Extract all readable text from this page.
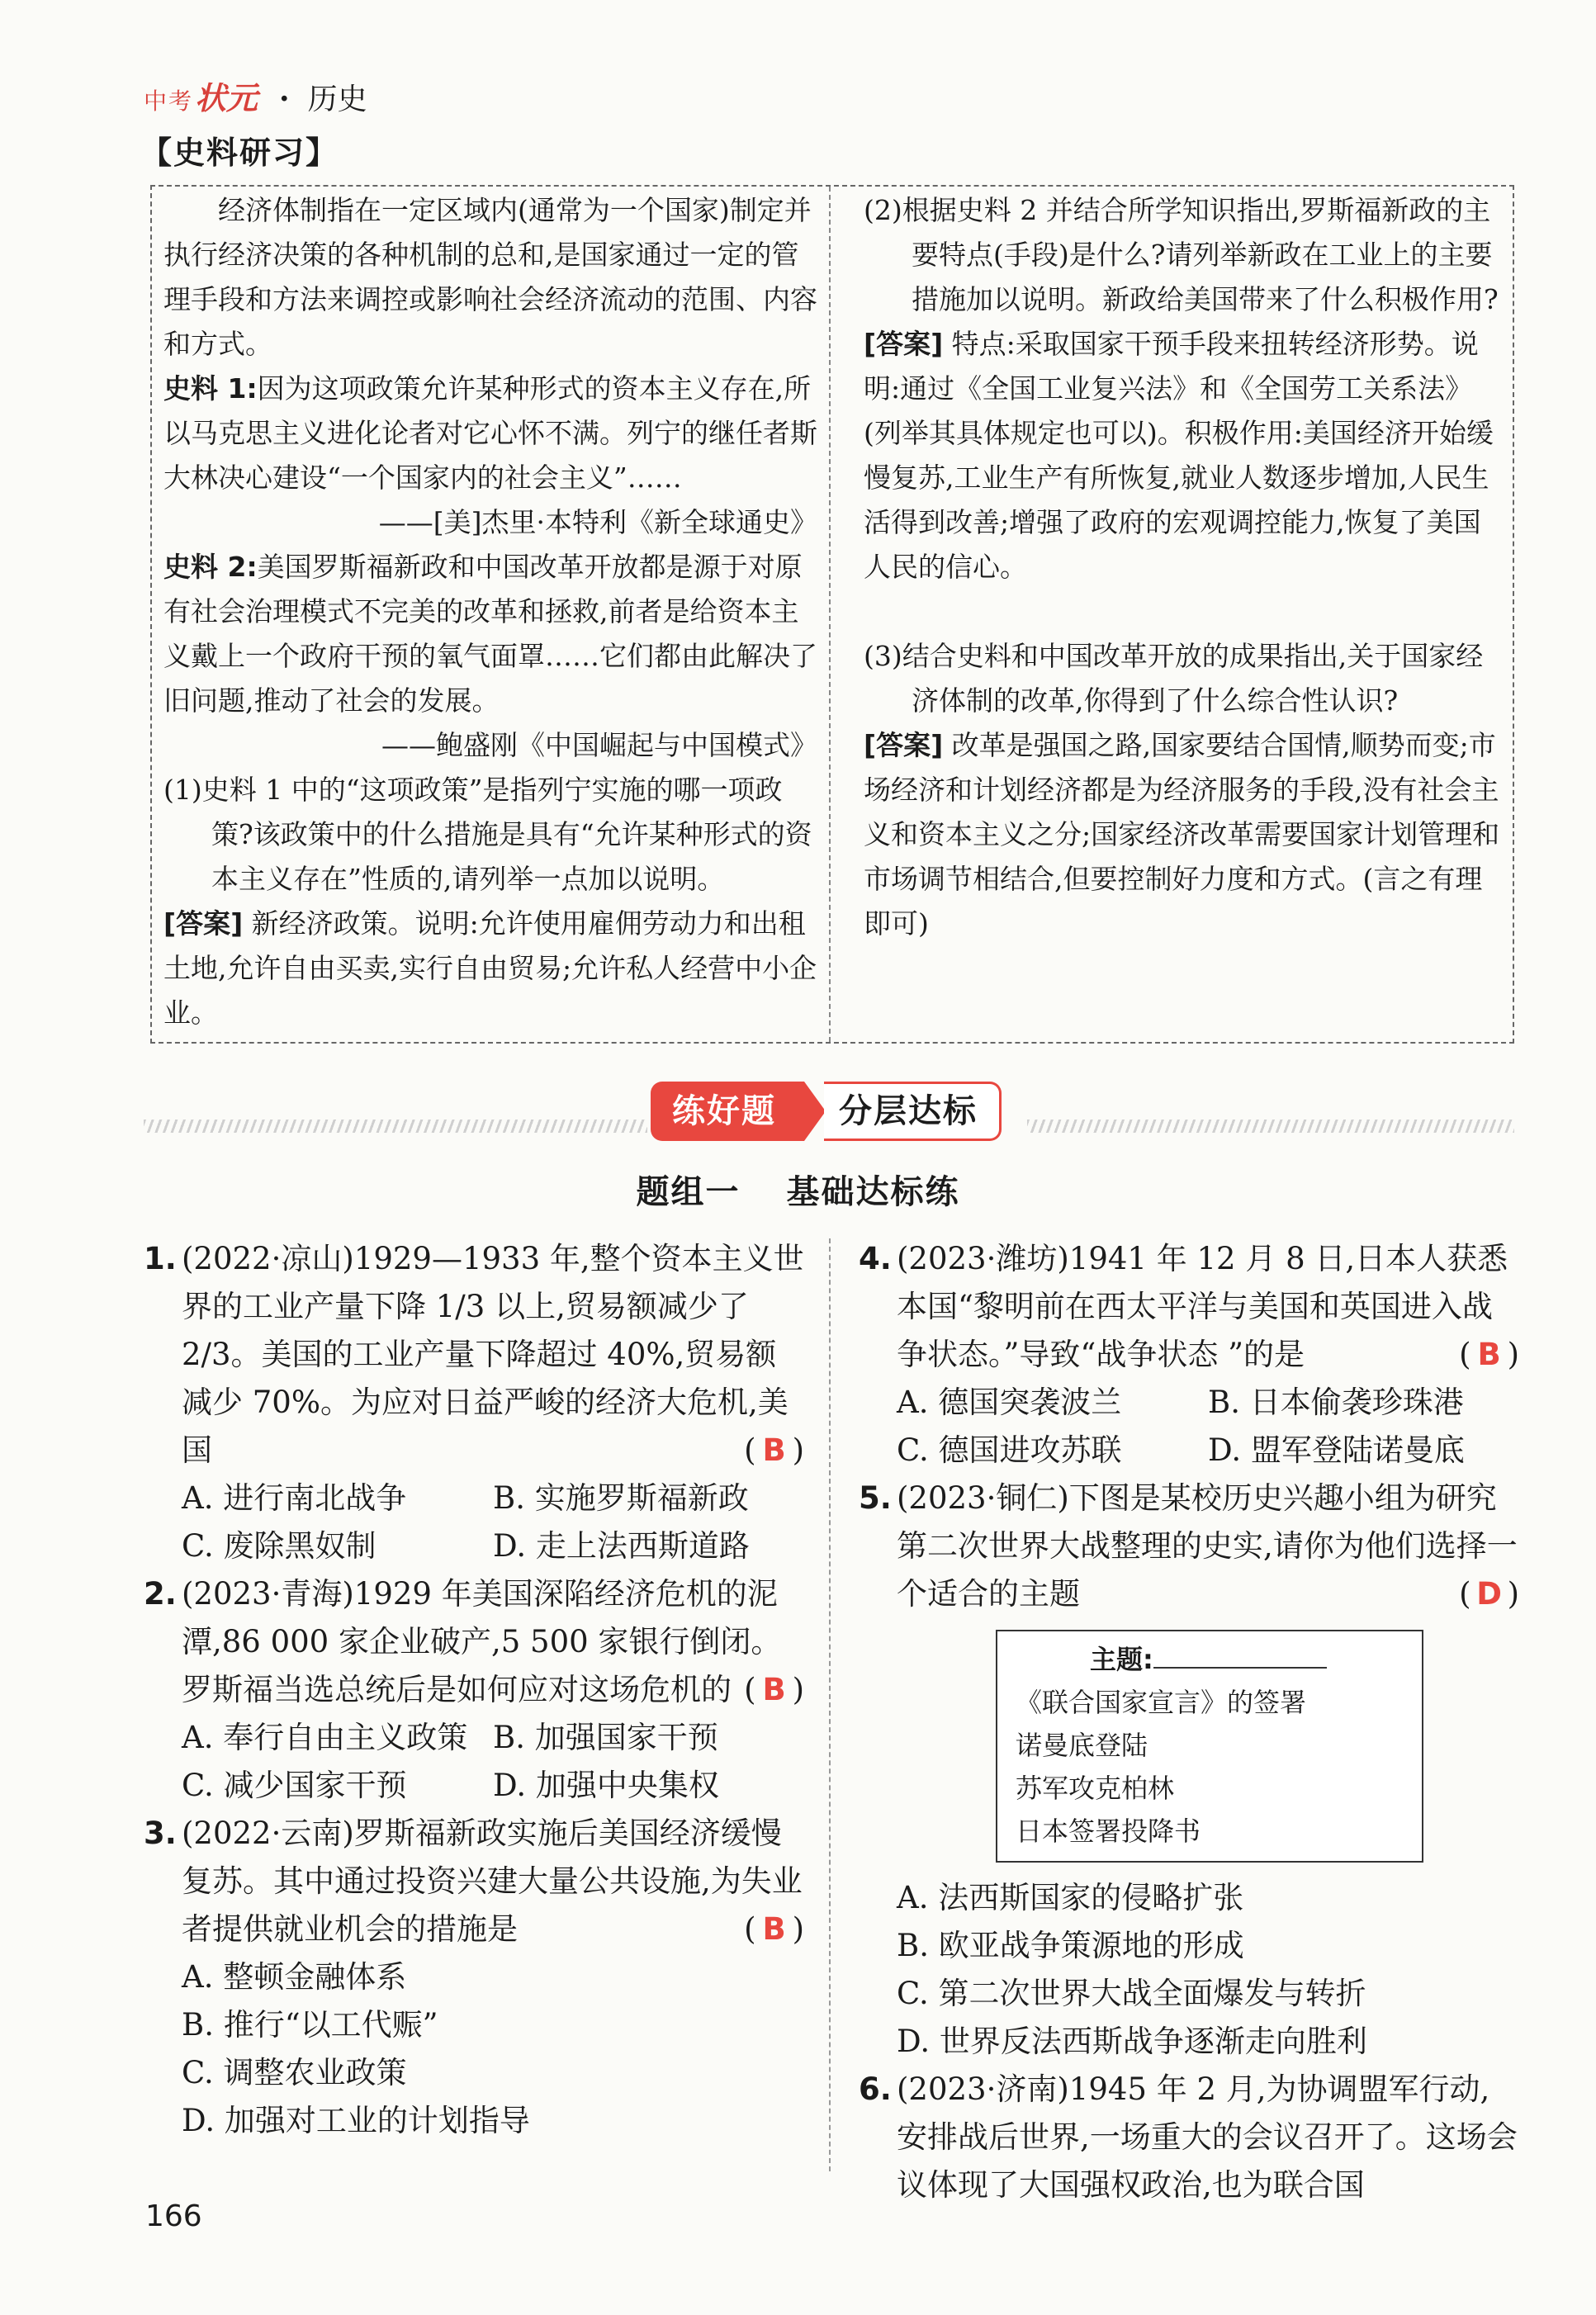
中考 状元 · 历史
【史料研习】

经济体制指在一定区域内(通常为一个国家)制定并执行经济决策的各种机制的总和,是国家通过一定的管理手段和方法来调控或影响社会经济流动的范围、内容和方式。

史料 1:因为这项政策允许某种形式的资本主义存在,所以马克思主义进化论者对它心怀不满。列宁的继任者斯大林决心建设“一个国家内的社会主义”……

——[美]杰里·本特利《新全球通史》

史料 2:美国罗斯福新政和中国改革开放都是源于对原有社会治理模式不完美的改革和拯救,前者是给资本主义戴上一个政府干预的氧气面罩……它们都由此解决了旧问题,推动了社会的发展。

——鲍盛刚《中国崛起与中国模式》

(1)史料 1 中的“这项政策”是指列宁实施的哪一项政策?该政策中的什么措施是具有“允许某种形式的资本主义存在”性质的,请列举一点加以说明。

[答案] 新经济政策。说明:允许使用雇佣劳动力和出租土地,允许自由买卖,实行自由贸易;允许私人经营中小企业。

(2)根据史料 2 并结合所学知识指出,罗斯福新政的主要特点(手段)是什么?请列举新政在工业上的主要措施加以说明。新政给美国带来了什么积极作用?

[答案] 特点:采取国家干预手段来扭转经济形势。说明:通过《全国工业复兴法》和《全国劳工关系法》(列举其具体规定也可以)。积极作用:美国经济开始缓慢复苏,工业生产有所恢复,就业人数逐步增加,人民生活得到改善;增强了政府的宏观调控能力,恢复了美国人民的信心。

(3)结合史料和中国改革开放的成果指出,关于国家经济体制的改革,你得到了什么综合性认识?

[答案] 改革是强国之路,国家要结合国情,顺势而变;市场经济和计划经济都是为经济服务的手段,没有社会主义和资本主义之分;国家经济改革需要国家计划管理和市场调节相结合,但要控制好力度和方式。(言之有理即可)

练好题	分层达标
题组一 基础达标练
1. (2022·凉山)1929—1933 年,整个资本主义世界的工业产量下降 1/3 以上,贸易额减少了 2/3。美国的工业产量下降超过 40%,贸易额减少 70%。为应对日益严峻的经济大危机,美国	( B )
A. 进行南北战争	B. 实施罗斯福新政
C. 废除黑奴制	D. 走上法西斯道路
2. (2023·青海)1929 年美国深陷经济危机的泥潭,86 000 家企业破产,5 500 家银行倒闭。罗斯福当选总统后是如何应对这场危机的 ( B )
A. 奉行自由主义政策 B. 加强国家干预
C. 减少国家干预	D. 加强中央集权
3. (2022·云南)罗斯福新政实施后美国经济缓慢复苏。其中通过投资兴建大量公共设施,为失业者提供就业机会的措施是	( B )
A. 整顿金融体系
B. 推行“以工代赈”
C. 调整农业政策
D. 加强对工业的计划指导
4. (2023·潍坊)1941 年 12 月 8 日,日本人获悉本国“黎明前在西太平洋与美国和英国进入战争状态。”导致“战争状态 ”的是	( B )
A. 德国突袭波兰	B. 日本偷袭珍珠港
C. 德国进攻苏联	D. 盟军登陆诺曼底
5. (2023·铜仁)下图是某校历史兴趣小组为研究第二次世界大战整理的史实,请你为他们选择一个适合的主题	( D )
主题:
《联合国家宣言》的签署
诺曼底登陆
苏军攻克柏林
日本签署投降书
A. 法西斯国家的侵略扩张
B. 欧亚战争策源地的形成
C. 第二次世界大战全面爆发与转折
D. 世界反法西斯战争逐渐走向胜利
6. (2023·济南)1945 年 2 月,为协调盟军行动,安排战后世界,一场重大的会议召开了。这场会议体现了大国强权政治,也为联合国
166
